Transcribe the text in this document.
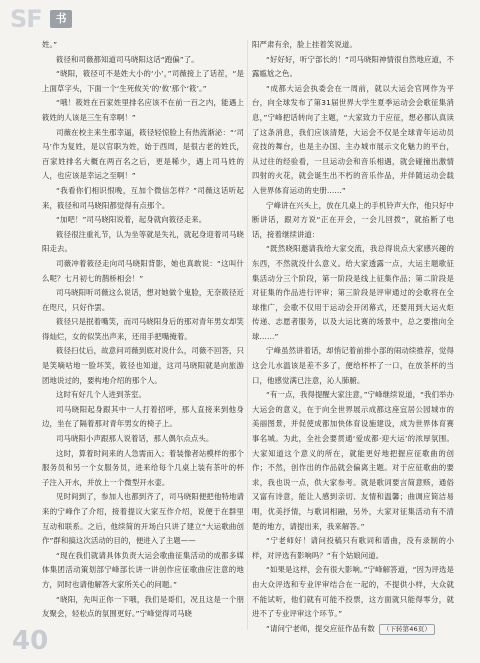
SF	书

姓。”

筱径和司薇都知道司马晓阳这话“跑偏”了。

“晓阳，筱径可不是姓大小的‘小’，”司薇接上了话茬，“是上面草字头，下面一个‘生死攸关’的‘攸’那个‘筱’。”

“哦！筱姓在百家姓里排名应该不在前一百之内，能遇上筱姓的人该是三生有幸啊！”

司薇在校主来生那幸逼，筱径轻惊脸上有热流渐泌：“‘司马’作为复姓，是以官职为姓，始于西周，是很古老的姓氏，百家姓排名大概在两百名之后，更是稀少，遇上司马姓的人，也应该是幸运之至啊！”

“我看你们相识恨晚，互加个微信怎样？”司薇这话听起来，筱径和司马晓阳都觉得有点那个。

“加吧！”司马晓阳说着，起身就向筱径走来。

筱径很注重礼节，认为坐等就是失礼，就起身迎着司马晓阳走去。

司薇冲着筱径走向司马晓阳背影，她也真敢说：“这叫什么呢？七月初七的鹊桥相会！”

司马晓阳听司薇这么说话，想对她做个鬼脸，无奈筱径近在咫尺，只好作罢。

筱径只是抿着嘴笑，而司马晓阳身后的那对青年男女却笑得灿烂，女的似笑出声来，还用手把嘴掩着。

筱径扫仗后，故意问司薇到底对说什么，司薇不回答，只是笑嘀咕地一脸坏笑，筱径也知道，这司马晓阳就是向旅游团地说过的，要构地介绍的那个人。

这时有好几个人进到茶室。

司马晓阳起身跟其中一人打着招呼，那人直接来到他身边，坐在了隔着那对青年男女的椅子上。

司马晓阳小声跟那人说着话，那人偶尔点点头。

这时，算着时间来的人急需而入；着装像者站模样的那个服务员和另一个女服务员，进来给每个几桌上装有茶叶的杯子注入开水，并放上一个微型开水壶。

见时间到了，参加人也都到齐了，司马晓阳便把他特地请来的宁峰作了介绍，接着提议大家互作介绍，说便于在群里互动和联系。之后，他续简的开场白只讲了建立“大运歌曲创作”群和搞这次活动的目的，便进入了主题——

“现在我们就请具体负责大运会歌曲征集活动的成都多媒体集团活动策划部宁峰部长讲一讲创作应征歌曲应注意的地方，同时也请他解答大家所关心的问题。”

“晓阳，先叫正你一下哦，我们是哥们，况且这是一个朋友聚会，轻松点的氛围更好。”宁峰觉得司马晓

阳严肃有余，脸上挂着笑说道。

“好好好，听宁部长的！”司马晓阳神情很自然地应道，不露尴尬之色。

“成都大运会执委会在一周前，就以大运会官网作为平台，向全球发布了第31届世界大学生夏季运动会会歌征集消息，”宁峰把话转向了主题，“大家致力于应征，想必都认真读了这条消息，我们应该清楚，大运会不仅是全球青年运动员竞技的舞台，也是主办国、主办城市展示文化魅力的平台，从过往的经验看，一旦运动会和音乐相遇，就会碰撞出激情四射的火花，就会诞生出不朽的音乐作品，并伴随运动会载入世界体育运动的史册……”

宁峰讲在兴头上，放在几桌上的手机铃声大作，他只好中断讲话，跟对方说“正在开会，一会儿回拨”，就掐断了电话，接着继续讲道：

“既然晓阳邀请我给大家交流，我总得说点大家感兴趣的东西，不然就没什么意义。给大家透露一点，大运主题歌征集活动分三个阶段，第一阶段是线上征集作品；第二阶段是对征集的作品进行评审；第三阶段是评审通过的会歌将在全球推广，会歌不仅用于运动会开闭幕式，还要用到大运火炬传递、志愿者服务，以及大运比赛的场景中，总之要推向全球……”

宁峰虽然讲着话，却悄记着前排小部的闹动续推荐，觉得这会儿水温该是差不多了，便给杯杯了一口，在放茶杯的当口，他感觉满已注意，沁人肺腑。

“有一点，我得提醒大家注意，”宁峰继续说道，“我们举办大运会的意义，在于向全世界展示成都这座宜居公园城市的美丽图景，并促使成都加快体育设施建设，成为世界体育赛事名城。为此，全社会要贯通‘爱成都·迎大运’的浓厚氛围。大家知道这个意义的所在，就能更好地把握应征歌曲的创作；不然，创作出的作品就会偏离主题。对于应征歌曲的要求，我也说一点，供大家参考。就是歌词要言简意赅，通俗又富有诗意，能让人感到亲切、友情和温馨；曲调应简洁易唱，优美抒情，与歌词相融，另外，大家对征集活动有不清楚的地方，请提出来，我来解答。”

“宁老师好！请问投稿只有歌词和谱曲，没有录制的小样，对评选有影响吗？”有个姑娘问道。

“如果是这样，会有很大影响。”宁峰解答道，“因为评选是由大众评选和专业评审结合在一起的，不提供小样，大众就不能试听，他们就有可能不投票，这方面就只能得零分，就进不了专业评审这个环节。”

“请问宁老师，提交应征作品有数 （下转第46页）

40
